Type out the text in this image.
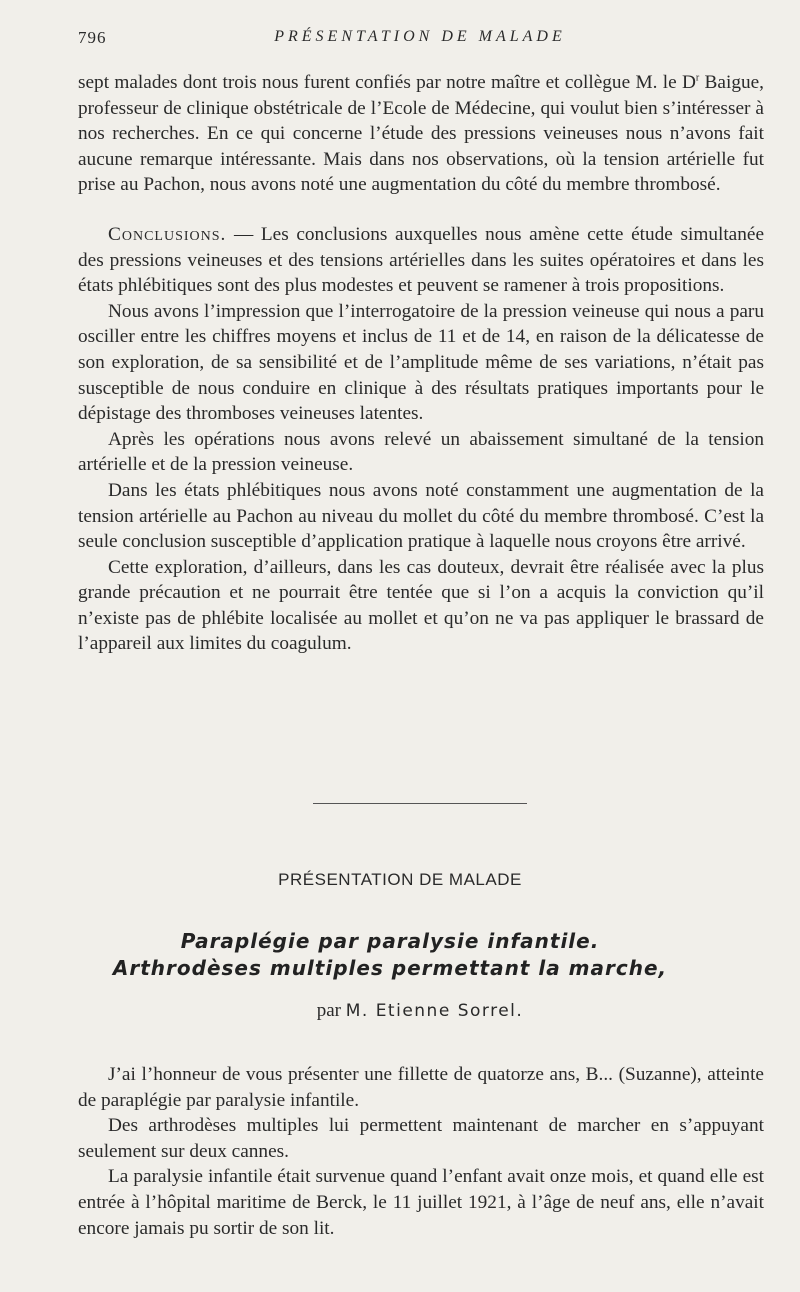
796	PRÉSENTATION DE MALADE

sept malades dont trois nous furent confiés par notre maître et collègue M. le $D^r$ Baigue, professeur de clinique obstétricale de l’Ecole de Médecine, qui voulut bien s’intéresser à nos recherches. En ce qui concerne l’étude des pressions veineuses nous n’avons fait aucune remarque intéressante. Mais dans nos observations, où la tension artérielle fut prise au Pachon, nous avons noté une augmentation du côté du membre thrombosé.

Conclusions. — Les conclusions auxquelles nous amène cette étude simultanée des pressions veineuses et des tensions artérielles dans les suites opératoires et dans les états phlébitiques sont des plus modestes et peuvent se ramener à trois propositions.

Nous avons l’impression que l’interrogatoire de la pression veineuse qui nous a paru osciller entre les chiffres moyens et inclus de 11 et de 14, en raison de la délicatesse de son exploration, de sa sensibilité et de l’amplitude même de ses variations, n’était pas susceptible de nous conduire en clinique à des résultats pratiques importants pour le dépistage des thromboses veineuses latentes.

Après les opérations nous avons relevé un abaissement simultané de la tension artérielle et de la pression veineuse.

Dans les états phlébitiques nous avons noté constamment une augmentation de la tension artérielle au Pachon au niveau du mollet du côté du membre thrombosé. C’est la seule conclusion susceptible d’application pratique à laquelle nous croyons être arrivé.

Cette exploration, d’ailleurs, dans les cas douteux, devrait être réalisée avec la plus grande précaution et ne pourrait être tentée que si l’on a acquis la conviction qu’il n’existe pas de phlébite localisée au mollet et qu’on ne va pas appliquer le brassard de l’appareil aux limites du coagulum.

PRÉSENTATION DE MALADE
Paraplégie par paralysie infantile.
Arthrodèses multiples permettant la marche,
par M. Etienne Sorrel.

J’ai l’honneur de vous présenter une fillette de quatorze ans, B... (Suzanne), atteinte de paraplégie par paralysie infantile.

Des arthrodèses multiples lui permettent maintenant de marcher en s’appuyant seulement sur deux cannes.

La paralysie infantile était survenue quand l’enfant avait onze mois, et quand elle est entrée à l’hôpital maritime de Berck, le 11 juillet 1921, à l’âge de neuf ans, elle n’avait encore jamais pu sortir de son lit.
